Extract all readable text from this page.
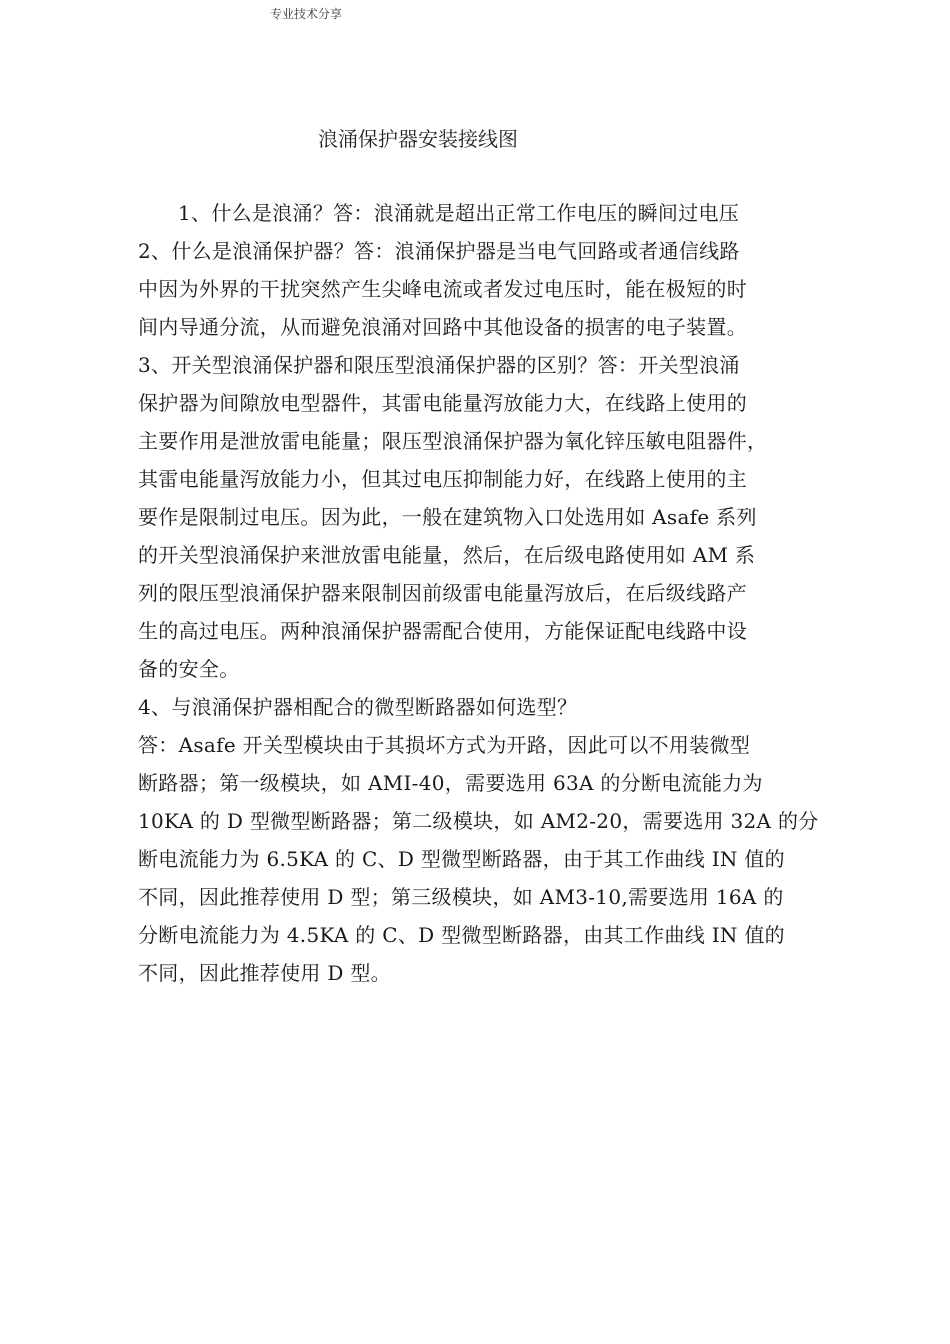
专业技术分享
浪涌保护器安装接线图
1、什么是浪涌？答：浪涌就是超出正常工作电压的瞬间过电压
2、什么是浪涌保护器？答：浪涌保护器是当电气回路或者通信线路
中因为外界的干扰突然产生尖峰电流或者发过电压时，能在极短的时
间内导通分流，从而避免浪涌对回路中其他设备的损害的电子装置。
3、开关型浪涌保护器和限压型浪涌保护器的区别？答：开关型浪涌
保护器为间隙放电型器件，其雷电能量泻放能力大，在线路上使用的
主要作用是泄放雷电能量；限压型浪涌保护器为氧化锌压敏电阻器件，
其雷电能量泻放能力小，但其过电压抑制能力好，在线路上使用的主
要作是限制过电压。因为此，一般在建筑物入口处选用如 Asafe 系列
的开关型浪涌保护来泄放雷电能量，然后，在后级电路使用如 AM 系
列的限压型浪涌保护器来限制因前级雷电能量泻放后，在后级线路产
生的高过电压。两种浪涌保护器需配合使用，方能保证配电线路中设
备的安全。
4、与浪涌保护器相配合的微型断路器如何选型？
答：Asafe 开关型模块由于其损坏方式为开路，因此可以不用装微型
断路器；第一级模块，如 AMI-40，需要选用 63A 的分断电流能力为
10KA 的 D 型微型断路器；第二级模块，如 AM2-20，需要选用 32A 的分
断电流能力为 6.5KA 的 C、D 型微型断路器，由于其工作曲线 IN 值的
不同，因此推荐使用 D 型；第三级模块，如 AM3-10,需要选用 16A 的
分断电流能力为 4.5KA 的 C、D 型微型断路器，由其工作曲线 IN 值的
不同，因此推荐使用 D 型。
